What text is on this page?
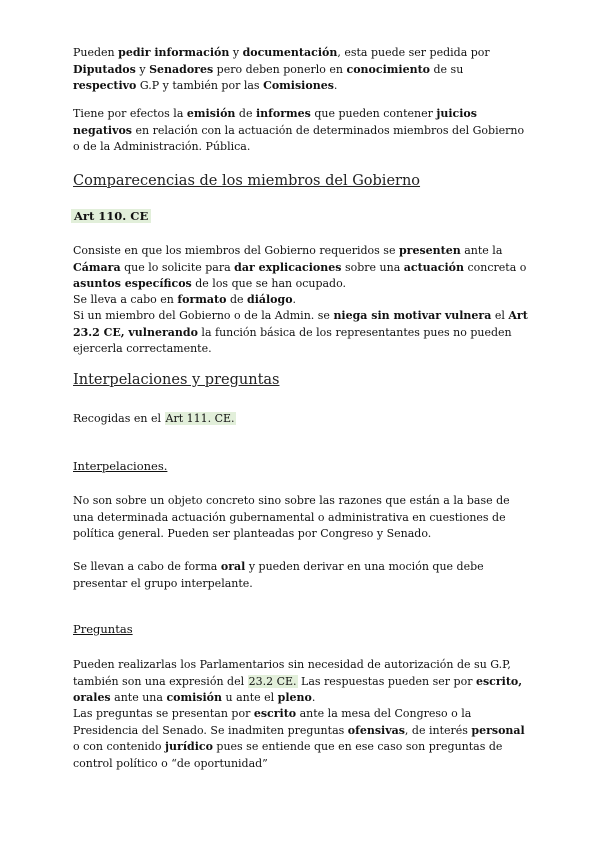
Pueden pedir información y documentación, esta puede ser pedida por Diputados y Senadores pero deben ponerlo en conocimiento de su respectivo G.P y también por las Comisiones.

Tiene por efectos la emisión de informes que pueden contener juicios negativos en relación con la actuación de determinados miembros del Gobierno o de la Administración. Pública.

Comparecencias de los miembros del Gobierno
Art 110. CE

Consiste en que los miembros del Gobierno requeridos se presenten ante la Cámara que lo solicite para dar explicaciones sobre una actuación concreta o asuntos específicos de los que se han ocupado.

Se lleva a cabo en formato de diálogo.

Si un miembro del Gobierno o de la Admin. se niega sin motivar vulnera el Art 23.2 CE, vulnerando la función básica de los representantes pues no pueden ejercerla correctamente.

Interpelaciones y preguntas

Recogidas en el Art 111. CE.

Interpelaciones.

No son sobre un objeto concreto sino sobre las razones que están a la base de una determinada actuación gubernamental o administrativa en cuestiones de política general. Pueden ser planteadas por Congreso y Senado.

Se llevan a cabo de forma oral y pueden derivar en una moción que debe presentar el grupo interpelante.

Preguntas

Pueden realizarlas los Parlamentarios sin necesidad de autorización de su G.P, también son una expresión del 23.2 CE. Las respuestas pueden ser por escrito, orales ante una comisión u ante el pleno.

Las preguntas se presentan por escrito ante la mesa del Congreso o la Presidencia del Senado. Se inadmiten preguntas ofensivas, de interés personal o con contenido jurídico pues se entiende que en ese caso son preguntas de control político o “de oportunidad”
